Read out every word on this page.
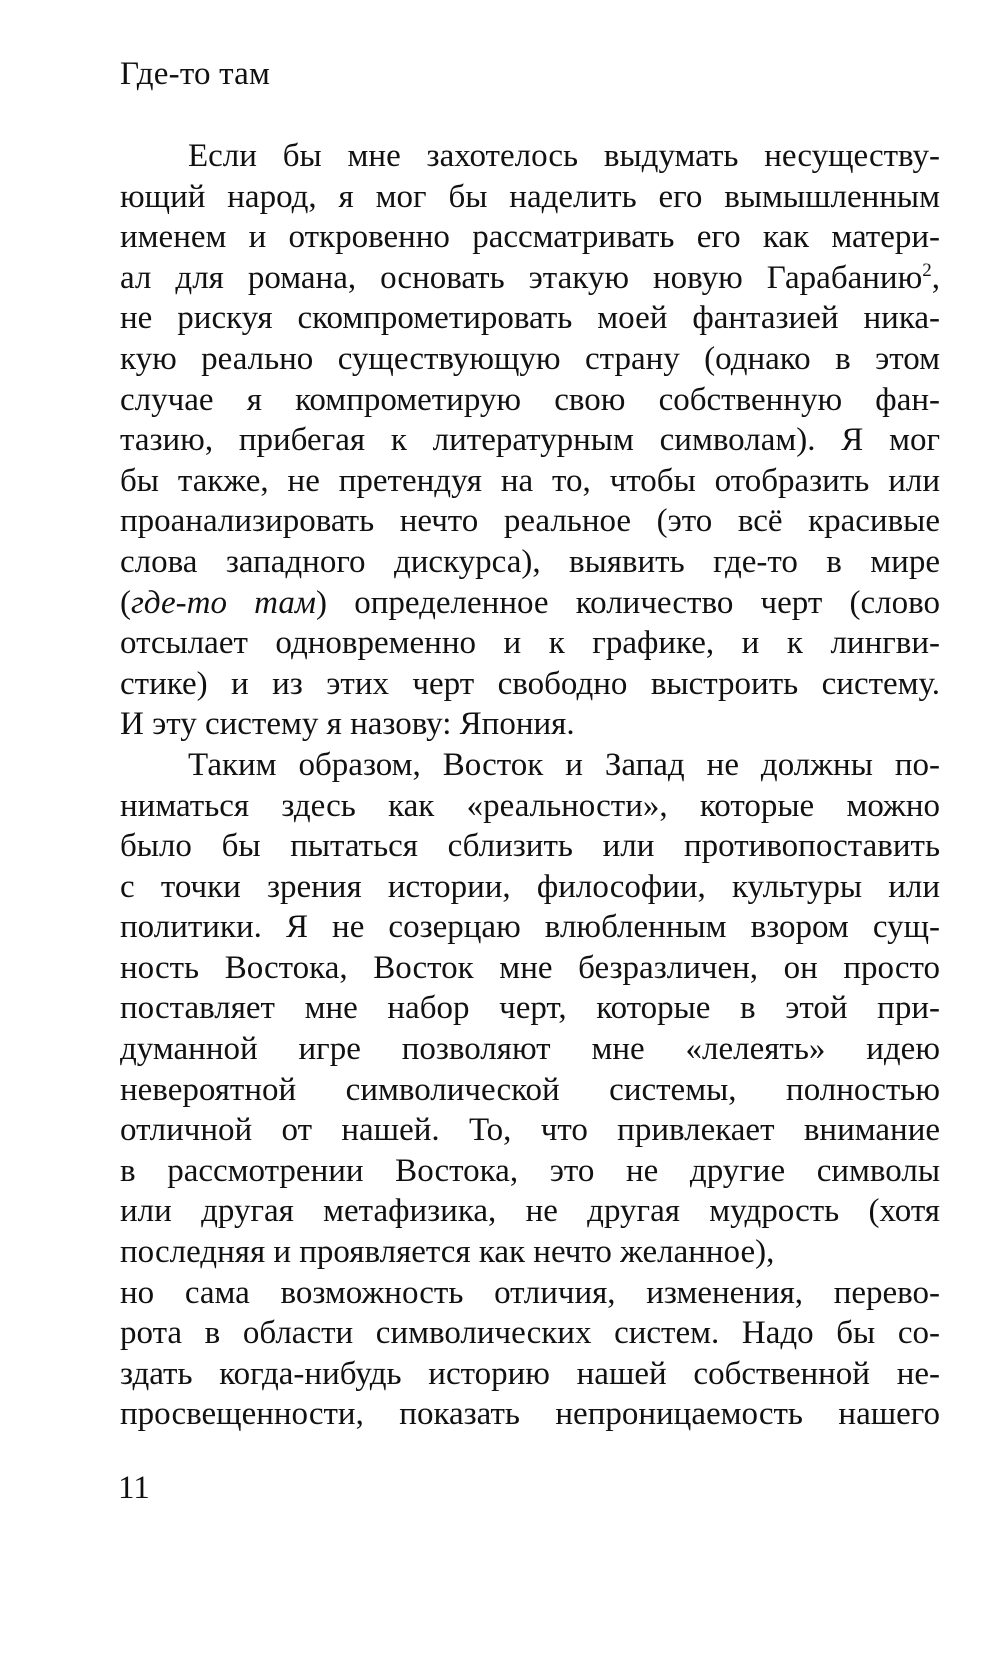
Где-то там
Если бы мне захотелось выдумать несуществу-
ющий народ, я мог бы наделить его вымышленным
именем и откровенно рассматривать его как матери-
ал для романа, основать этакую новую Гарабанию$^2$,
не рискуя скомпрометировать моей фантазией ника-
кую реально существующую страну (однако в этом
случае я компрометирую свою собственную фан-
тазию, прибегая к литературным символам). Я мог
бы также, не претендуя на то, чтобы отобразить или
проанализировать нечто реальное (это всё красивые
слова западного дискурса), выявить где-то в мире
(где-то там) определенное количество черт (слово
отсылает одновременно и к графике, и к лингви-
стике) и из этих черт свободно выстроить систему.
И эту систему я назову: Япония.
Таким образом, Восток и Запад не должны по-
ниматься здесь как «реальности», которые можно
было бы пытаться сблизить или противопоставить
с точки зрения истории, философии, культуры или
политики. Я не созерцаю влюбленным взором сущ-
ность Востока, Восток мне безразличен, он просто
поставляет мне набор черт, которые в этой при-
думанной игре позволяют мне «лелеять» идею
невероятной символической системы, полностью
отличной от нашей. То, что привлекает внимание
в рассмотрении Востока, это не другие символы
или другая метафизика, не другая мудрость (хотя
последняя и проявляется как нечто желанное),
но сама возможность отличия, изменения, перево-
рота в области символических систем. Надо бы со-
здать когда-нибудь историю нашей собственной не-
просвещенности, показать непроницаемость нашего
11
